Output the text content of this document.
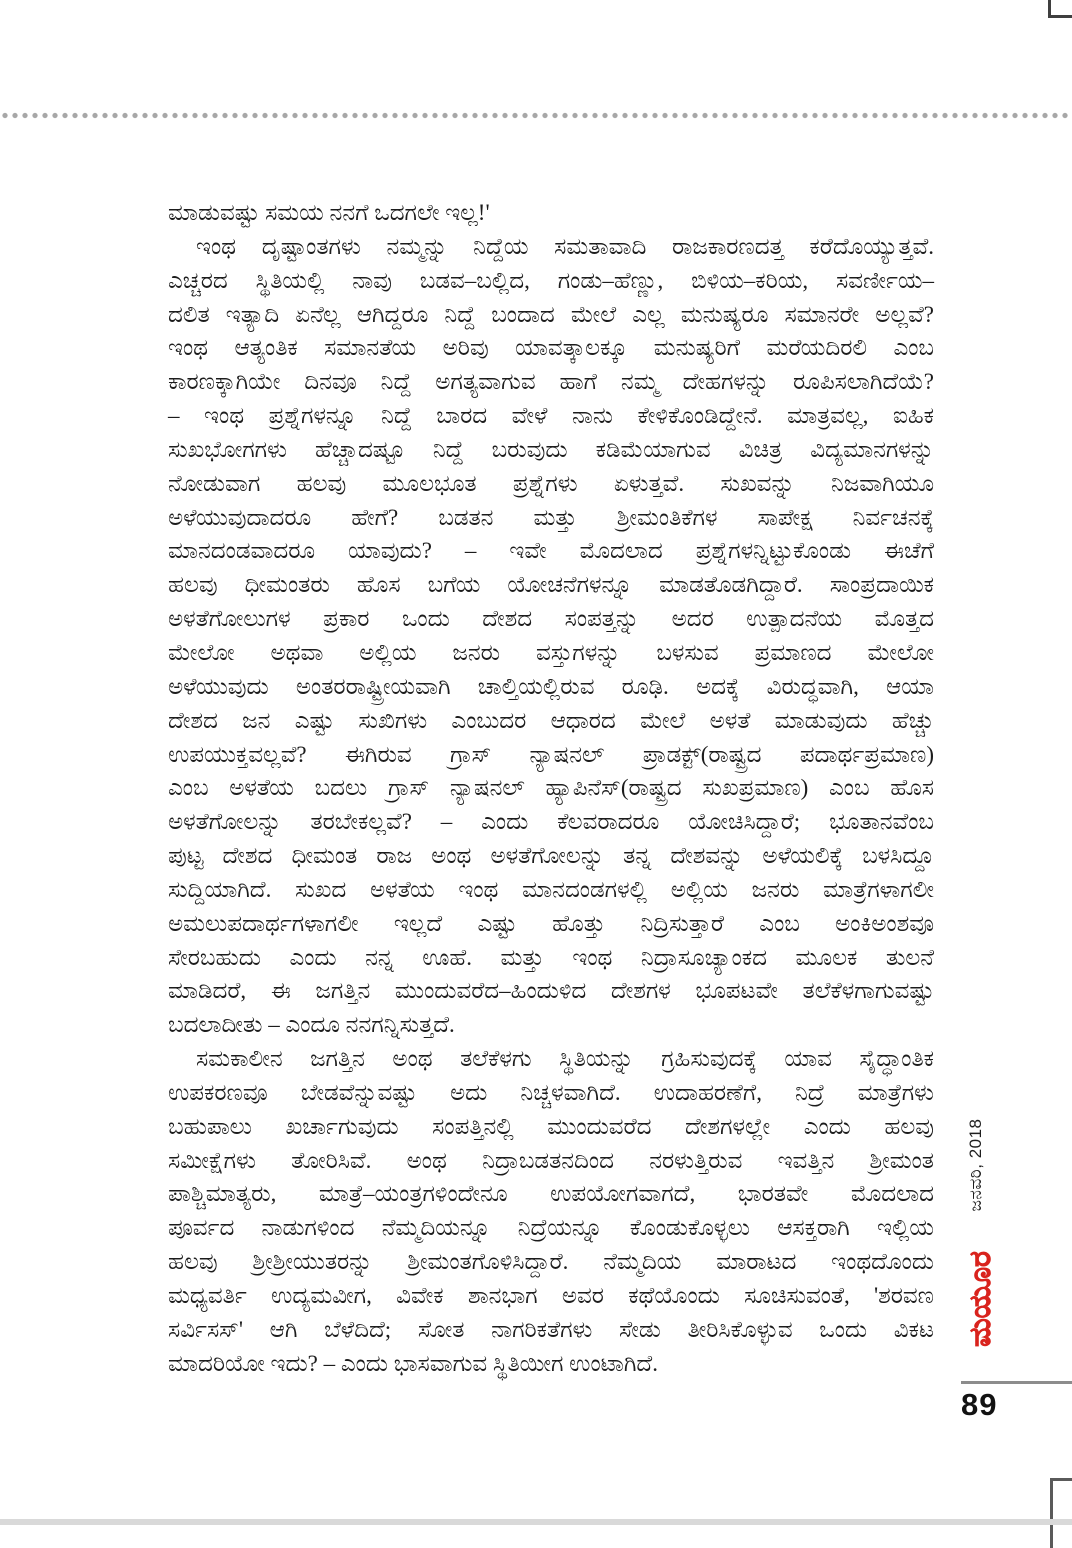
ಮಾಡುವಷ್ಟು ಸಮಯ ನನಗೆ ಒದಗಲೇ ಇಲ್ಲ!'
ಇಂಥ ದೃಷ್ಟಾಂತಗಳು ನಮ್ಮನ್ನು ನಿದ್ದೆಯ ಸಮತಾವಾದಿ ರಾಜಕಾರಣದತ್ತ ಕರೆದೊಯ್ಯುತ್ತವೆ.
ಎಚ್ಚರದ ಸ್ಥಿತಿಯಲ್ಲಿ ನಾವು ಬಡವ–ಬಲ್ಲಿದ, ಗಂಡು–ಹೆಣ್ಣು, ಬಿಳಿಯ–ಕರಿಯ, ಸವರ್ಣೀಯ–
ದಲಿತ ಇತ್ಯಾದಿ ಏನೆಲ್ಲ ಆಗಿದ್ದರೂ ನಿದ್ದೆ ಬಂದಾದ ಮೇಲೆ ಎಲ್ಲ ಮನುಷ್ಯರೂ ಸಮಾನರೇ ಅಲ್ಲವೆ?
ಇಂಥ ಆತ್ಯಂತಿಕ ಸಮಾನತೆಯ ಅರಿವು ಯಾವತ್ಕಾಲಕ್ಕೂ ಮನುಷ್ಯರಿಗೆ ಮರೆಯದಿರಲಿ ಎಂಬ
ಕಾರಣಕ್ಕಾಗಿಯೇ ದಿನವೂ ನಿದ್ದೆ ಅಗತ್ಯವಾಗುವ ಹಾಗೆ ನಮ್ಮ ದೇಹಗಳನ್ನು ರೂಪಿಸಲಾಗಿದೆಯೆ?
– ಇಂಥ ಪ್ರಶ್ನೆಗಳನ್ನೂ ನಿದ್ದೆ ಬಾರದ ವೇಳೆ ನಾನು ಕೇಳಿಕೊಂಡಿದ್ದೇನೆ. ಮಾತ್ರವಲ್ಲ, ಐಹಿಕ
ಸುಖಭೋಗಗಳು ಹೆಚ್ಚಾದಷ್ಟೂ ನಿದ್ದೆ ಬರುವುದು ಕಡಿಮೆಯಾಗುವ ವಿಚಿತ್ರ ವಿದ್ಯಮಾನಗಳನ್ನು
ನೋಡುವಾಗ ಹಲವು ಮೂಲಭೂತ ಪ್ರಶ್ನೆಗಳು ಏಳುತ್ತವೆ. ಸುಖವನ್ನು ನಿಜವಾಗಿಯೂ
ಅಳೆಯುವುದಾದರೂ ಹೇಗೆ? ಬಡತನ ಮತ್ತು ಶ್ರೀಮಂತಿಕೆಗಳ ಸಾಪೇಕ್ಷ ನಿರ್ವಚನಕ್ಕೆ
ಮಾನದಂಡವಾದರೂ ಯಾವುದು? – ಇವೇ ಮೊದಲಾದ ಪ್ರಶ್ನೆಗಳನ್ನಿಟ್ಟುಕೊಂಡು ಈಚೆಗೆ
ಹಲವು ಧೀಮಂತರು ಹೊಸ ಬಗೆಯ ಯೋಚನೆಗಳನ್ನೂ ಮಾಡತೊಡಗಿದ್ದಾರೆ. ಸಾಂಪ್ರದಾಯಿಕ
ಅಳತೆಗೋಲುಗಳ ಪ್ರಕಾರ ಒಂದು ದೇಶದ ಸಂಪತ್ತನ್ನು ಅದರ ಉತ್ಪಾದನೆಯ ಮೊತ್ತದ
ಮೇಲೋ ಅಥವಾ ಅಲ್ಲಿಯ ಜನರು ವಸ್ತುಗಳನ್ನು ಬಳಸುವ ಪ್ರಮಾಣದ ಮೇಲೋ
ಅಳೆಯುವುದು ಅಂತರರಾಷ್ಟ್ರೀಯವಾಗಿ ಚಾಲ್ತಿಯಲ್ಲಿರುವ ರೂಢಿ. ಅದಕ್ಕೆ ವಿರುದ್ಧವಾಗಿ, ಆಯಾ
ದೇಶದ ಜನ ಎಷ್ಟು ಸುಖಿಗಳು ಎಂಬುದರ ಆಧಾರದ ಮೇಲೆ ಅಳತೆ ಮಾಡುವುದು ಹೆಚ್ಚು
ಉಪಯುಕ್ತವಲ್ಲವೆ? ಈಗಿರುವ ಗ್ರಾಸ್ ನ್ಯಾಷನಲ್ ಪ್ರಾಡಕ್ಟ್‌(ರಾಷ್ಟ್ರದ ಪದಾರ್ಥಪ್ರಮಾಣ)
ಎಂಬ ಅಳತೆಯ ಬದಲು ಗ್ರಾಸ್ ನ್ಯಾಷನಲ್ ಹ್ಯಾಪಿನೆಸ್(ರಾಷ್ಟ್ರದ ಸುಖಪ್ರಮಾಣ) ಎಂಬ ಹೊಸ
ಅಳತೆಗೋಲನ್ನು ತರಬೇಕಲ್ಲವೆ? – ಎಂದು ಕೆಲವರಾದರೂ ಯೋಚಿಸಿದ್ದಾರೆ; ಭೂತಾನವೆಂಬ
ಪುಟ್ಟ ದೇಶದ ಧೀಮಂತ ರಾಜ ಅಂಥ ಅಳತೆಗೋಲನ್ನು ತನ್ನ ದೇಶವನ್ನು ಅಳೆಯಲಿಕ್ಕೆ ಬಳಸಿದ್ದೂ
ಸುದ್ದಿಯಾಗಿದೆ. ಸುಖದ ಅಳತೆಯ ಇಂಥ ಮಾನದಂಡಗಳಲ್ಲಿ ಅಲ್ಲಿಯ ಜನರು ಮಾತ್ರೆಗಳಾಗಲೀ
ಅಮಲುಪದಾರ್ಥಗಳಾಗಲೀ ಇಲ್ಲದೆ ಎಷ್ಟು ಹೊತ್ತು ನಿದ್ರಿಸುತ್ತಾರೆ ಎಂಬ ಅಂಕಿಅಂಶವೂ
ಸೇರಬಹುದು ಎಂದು ನನ್ನ ಊಹೆ. ಮತ್ತು ಇಂಥ ನಿದ್ರಾಸೂಚ್ಯಾಂಕದ ಮೂಲಕ ತುಲನೆ
ಮಾಡಿದರೆ, ಈ ಜಗತ್ತಿನ ಮುಂದುವರೆದ–ಹಿಂದುಳಿದ ದೇಶಗಳ ಭೂಪಟವೇ ತಲೆಕೆಳಗಾಗುವಷ್ಟು
ಬದಲಾದೀತು – ಎಂದೂ ನನಗನ್ನಿಸುತ್ತದೆ.
ಸಮಕಾಲೀನ ಜಗತ್ತಿನ ಅಂಥ ತಲೆಕೆಳಗು ಸ್ಥಿತಿಯನ್ನು ಗ್ರಹಿಸುವುದಕ್ಕೆ ಯಾವ ಸೈದ್ಧಾಂತಿಕ
ಉಪಕರಣವೂ ಬೇಡವೆನ್ನುವಷ್ಟು ಅದು ನಿಚ್ಚಳವಾಗಿದೆ. ಉದಾಹರಣೆಗೆ, ನಿದ್ರೆ ಮಾತ್ರೆಗಳು
ಬಹುಪಾಲು ಖರ್ಚಾಗುವುದು ಸಂಪತ್ತಿನಲ್ಲಿ ಮುಂದುವರೆದ ದೇಶಗಳಲ್ಲೇ ಎಂದು ಹಲವು
ಸಮೀಕ್ಷೆಗಳು ತೋರಿಸಿವೆ. ಅಂಥ ನಿದ್ರಾಬಡತನದಿಂದ ನರಳುತ್ತಿರುವ ಇವತ್ತಿನ ಶ್ರೀಮಂತ
ಪಾಶ್ಚಿಮಾತ್ಯರು, ಮಾತ್ರೆ–ಯಂತ್ರಗಳಿಂದೇನೂ ಉಪಯೋಗವಾಗದೆ, ಭಾರತವೇ ಮೊದಲಾದ
ಪೂರ್ವದ ನಾಡುಗಳಿಂದ ನೆಮ್ಮದಿಯನ್ನೂ ನಿದ್ರೆಯನ್ನೂ ಕೊಂಡುಕೊಳ್ಳಲು ಆಸಕ್ತರಾಗಿ ಇಲ್ಲಿಯ
ಹಲವು ಶ್ರೀಶ್ರೀಯುತರನ್ನು ಶ್ರೀಮಂತಗೊಳಿಸಿದ್ದಾರೆ. ನೆಮ್ಮದಿಯ ಮಾರಾಟದ ಇಂಥದೊಂದು
ಮಧ್ಯವರ್ತಿ ಉದ್ಯಮವೀಗ, ವಿವೇಕ ಶಾನಭಾಗ ಅವರ ಕಥೆಯೊಂದು ಸೂಚಿಸುವಂತೆ, 'ಶರವಣ
ಸರ್ವಿಸಸ್' ಆಗಿ ಬೆಳೆದಿದೆ; ಸೋತ ನಾಗರಿಕತೆಗಳು ಸೇಡು ತೀರಿಸಿಕೊಳ್ಳುವ ಒಂದು ವಿಕಟ
ಮಾದರಿಯೋ ಇದು? – ಎಂದು ಭಾಸವಾಗುವ ಸ್ಥಿತಿಯೀಗ ಉಂಟಾಗಿದೆ.
ಜನವರಿ, 2018
ಮಯೂರ
89
